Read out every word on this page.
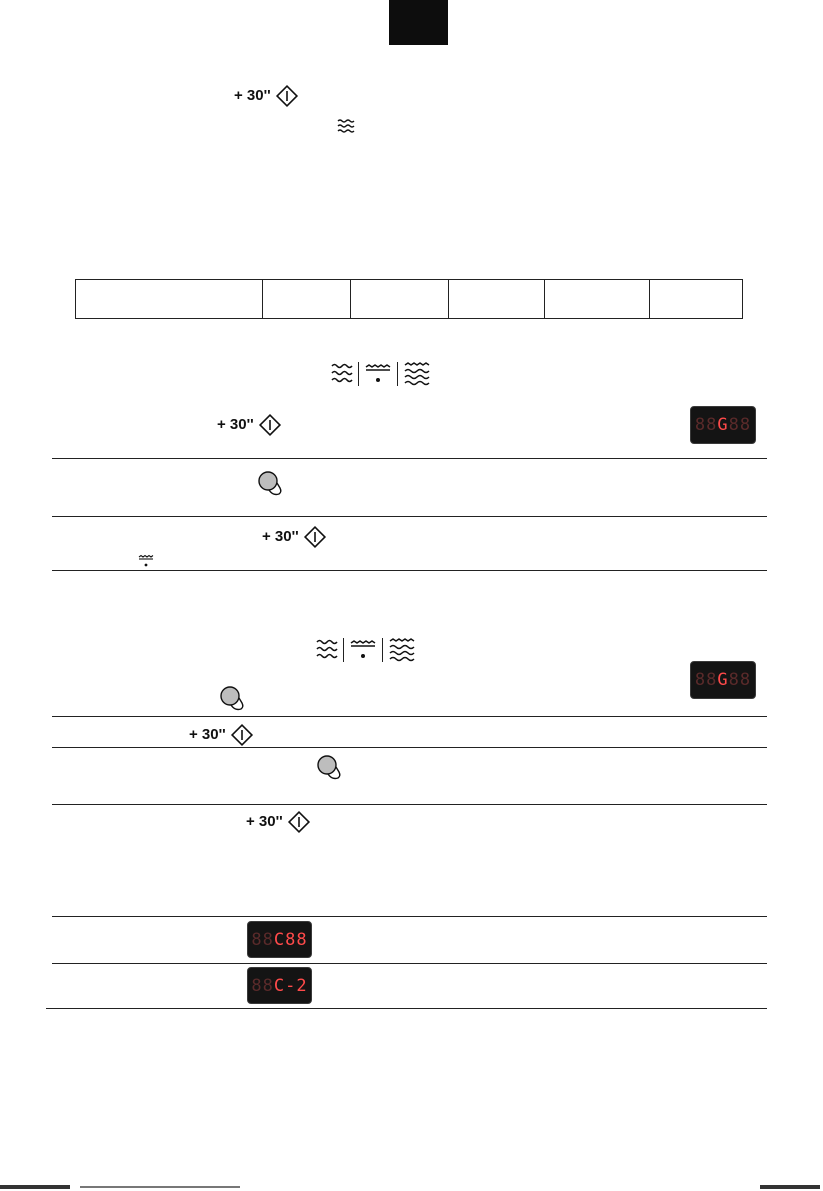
+ 30''
+ 30''	88 G 88
+ 30''
88 G 88
+ 30''
+ 30''
88 C 88
88 C -2
